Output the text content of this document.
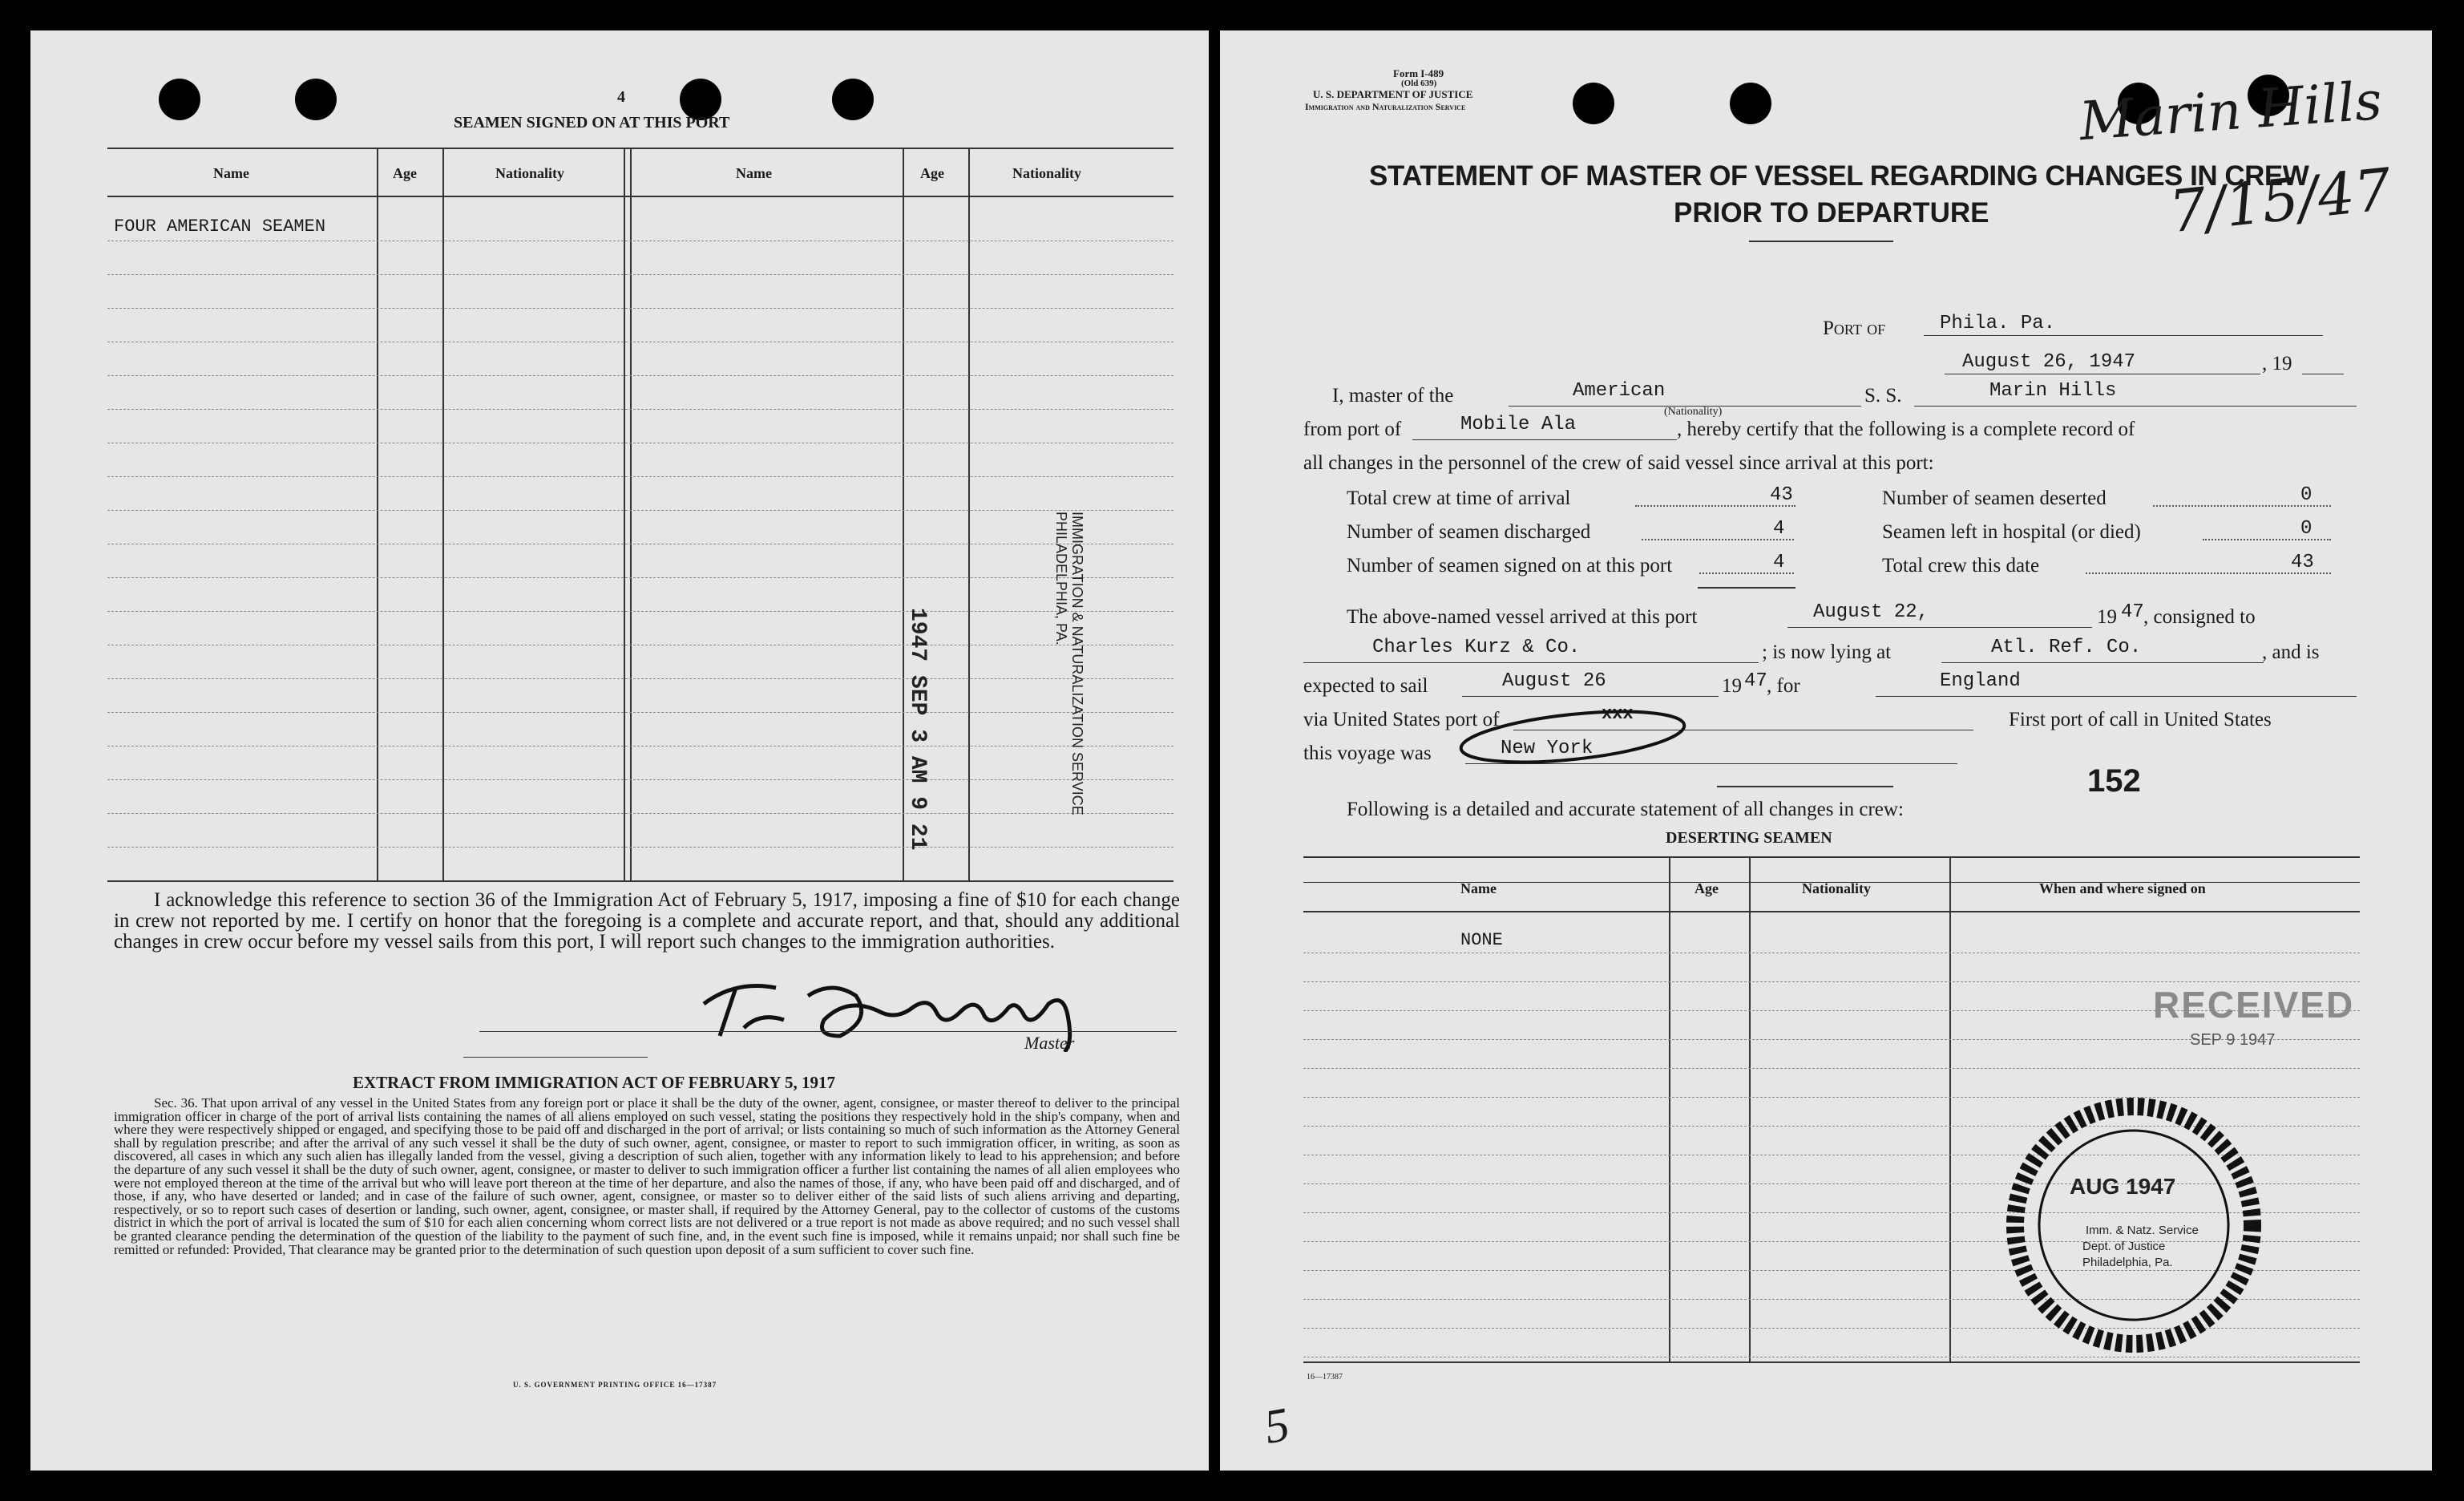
4
SEAMEN SIGNED ON AT THIS PORT
Name	Age	Nationality	Name	Age	Nationality
FOUR AMERICAN SEAMEN
1947 SEP 3 AM 9 21	IMMIGRATION & NATURALIZATION SERVICE
PHILADELPHIA, PA.
I acknowledge this reference to section 36 of the Immigration Act of February 5, 1917, imposing a fine of $10 for each change in crew not reported by me. I certify on honor that the foregoing is a complete and accurate report, and that, should any additional changes in crew occur before my vessel sails from this port, I will report such changes to the immigration authorities.
Master
EXTRACT FROM IMMIGRATION ACT OF FEBRUARY 5, 1917
Sec. 36. That upon arrival of any vessel in the United States from any foreign port or place it shall be the duty of the owner, agent, consignee, or master thereof to deliver to the principal immigration officer in charge of the port of arrival lists containing the names of all aliens employed on such vessel, stating the positions they respectively hold in the ship's company, when and where they were respectively shipped or engaged, and specifying those to be paid off and discharged in the port of arrival; or lists containing so much of such information as the Attorney General shall by regulation prescribe; and after the arrival of any such vessel it shall be the duty of such owner, agent, consignee, or master to report to such immigration officer, in writing, as soon as discovered, all cases in which any such alien has illegally landed from the vessel, giving a description of such alien, together with any information likely to lead to his apprehension; and before the departure of any such vessel it shall be the duty of such owner, agent, consignee, or master to deliver to such immigration officer a further list containing the names of all alien employees who were not employed thereon at the time of the arrival but who will leave port thereon at the time of her departure, and also the names of those, if any, who have been paid off and discharged, and of those, if any, who have deserted or landed; and in case of the failure of such owner, agent, consignee, or master so to deliver either of the said lists of such aliens arriving and departing, respectively, or so to report such cases of desertion or landing, such owner, agent, consignee, or master shall, if required by the Attorney General, pay to the collector of customs of the customs district in which the port of arrival is located the sum of $10 for each alien concerning whom correct lists are not delivered or a true report is not made as above required; and no such vessel shall be granted clearance pending the determination of the question of the liability to the payment of such fine, and, in the event such fine is imposed, while it remains unpaid; nor shall such fine be remitted or refunded: Provided, That clearance may be granted prior to the determination of such question upon deposit of a sum sufficient to cover such fine.
U. S. GOVERNMENT PRINTING OFFICE 16—17387
Form I-489
(Old 639)
U. S. DEPARTMENT OF JUSTICE
Immigration and Naturalization Service	Marin Hills
7/15/47
STATEMENT OF MASTER OF VESSEL REGARDING CHANGES IN CREW
PRIOR TO DEPARTURE
Port of	Phila. Pa.
August 26, 1947	, 19
I, master of the	American
(Nationality)
S. S.	Marin Hills
from port of	Mobile Ala	, hereby certify that the following is a complete record of
all changes in the personnel of the crew of said vessel since arrival at this port:
Total crew at time of arrival	43	Number of seamen deserted	0
Number of seamen discharged	4	Seamen left in hospital (or died)	0
Number of seamen signed on at this port	4	Total crew this date	43
The above-named vessel arrived at this port	August 22,	19 47 , consigned to
Charles Kurz & Co.	; is now lying at	Atl. Ref. Co.	, and is
expected to sail	August 26	19 47 , for	England
via United States port of	xxx	First port of call in United States
this voyage was	New York
152
Following is a detailed and accurate statement of all changes in crew:
DESERTING SEAMEN
Name	Age	Nationality	When and where signed on
NONE
RECEIVED
SEP 9 1947
AUG 1947
Imm. & Natz. Service
Dept. of Justice
Philadelphia, Pa.
16—17387
5
